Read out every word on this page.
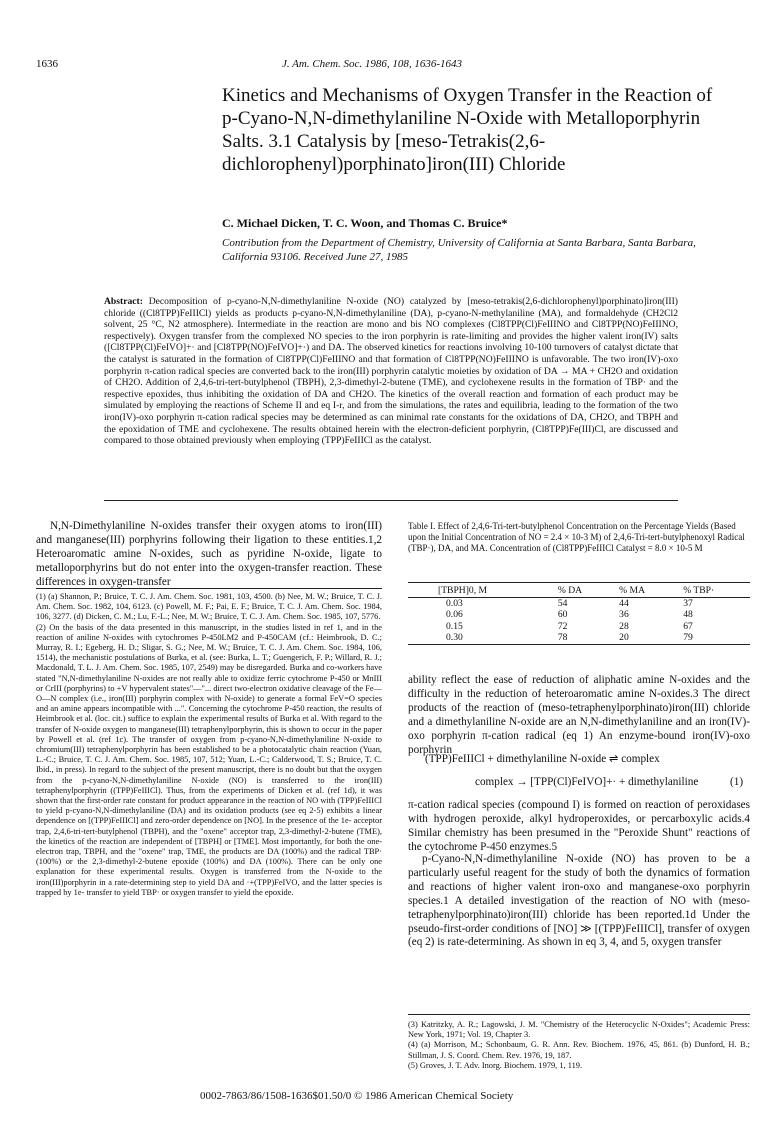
1636	J. Am. Chem. Soc. 1986, 108, 1636-1643
Kinetics and Mechanisms of Oxygen Transfer in the Reaction of p-Cyano-N,N-dimethylaniline N-Oxide with Metalloporphyrin Salts. 3.1 Catalysis by [meso-Tetrakis(2,6-dichlorophenyl)porphinato]iron(III) Chloride
C. Michael Dicken, T. C. Woon, and Thomas C. Bruice*
Contribution from the Department of Chemistry, University of California at Santa Barbara, Santa Barbara, California 93106. Received June 27, 1985
Abstract: Decomposition of p-cyano-N,N-dimethylaniline N-oxide (NO) catalyzed by [meso-tetrakis(2,6-dichlorophenyl)porphinato]iron(III) chloride ((Cl8TPP)FeIIICl) yields as products p-cyano-N,N-dimethylaniline (DA), p-cyano-N-methylaniline (MA), and formaldehyde (CH2Cl2 solvent, 25 °C, N2 atmosphere). Intermediate in the reaction are mono and bis NO complexes (Cl8TPP(Cl)FeIIINO and Cl8TPP(NO)FeIIINO, respectively). Oxygen transfer from the complexed NO species to the iron porphyrin is rate-limiting and provides the higher valent iron(IV) salts ([Cl8TPP(Cl)FeIVO]+· and [Cl8TPP(NO)FeIVO]+·) and DA. The observed kinetics for reactions involving 10-100 turnovers of catalyst dictate that the catalyst is saturated in the formation of Cl8TPP(Cl)FeIIINO and that formation of Cl8TPP(NO)FeIIINO is unfavorable. The two iron(IV)-oxo porphyrin π-cation radical species are converted back to the iron(III) porphyrin catalytic moieties by oxidation of DA → MA + CH2O and oxidation of CH2O. Addition of 2,4,6-tri-tert-butylphenol (TBPH), 2,3-dimethyl-2-butene (TME), and cyclohexene results in the formation of TBP· and the respective epoxides, thus inhibiting the oxidation of DA and CH2O. The kinetics of the overall reaction and formation of each product may be simulated by employing the reactions of Scheme II and eq I-r, and from the simulations, the rates and equilibria, leading to the formation of the two iron(IV)-oxo porphyrin π-cation radical species may be determined as can minimal rate constants for the oxidations of DA, CH2O, and TBPH and the epoxidation of TME and cyclohexene. The results obtained herein with the electron-deficient porphyrin, (Cl8TPP)Fe(III)Cl, are discussed and compared to those obtained previously when employing (TPP)FeIIICl as the catalyst.
N,N-Dimethylaniline N-oxides transfer their oxygen atoms to iron(III) and manganese(III) porphyrins following their ligation to these entities.1,2 Heteroaromatic amine N-oxides, such as pyridine N-oxide, ligate to metalloporphyrins but do not enter into the oxygen-transfer reaction. These differences in oxygen-transfer

(1) (a) Shannon, P.; Bruice, T. C. J. Am. Chem. Soc. 1981, 103, 4500. (b) Nee, M. W.; Bruice, T. C. J. Am. Chem. Soc. 1982, 104, 6123. (c) Powell, M. F.; Pai, E. F.; Bruice, T. C. J. Am. Chem. Soc. 1984, 106, 3277. (d) Dicken, C. M.; Lu, F.-L.; Nee, M. W.; Bruice, T. C. J. Am. Chem. Soc. 1985, 107, 5776.

(2) On the basis of the data presented in this manuscript, in the studies listed in ref 1, and in the reaction of aniline N-oxides with cytochromes P-450LM2 and P-450CAM (cf.: Heimbrook, D. C.; Murray, R. I.; Egeberg, H. D.; Sligar, S. G.; Nee, M. W.; Bruice, T. C. J. Am. Chem. Soc. 1984, 106, 1514), the mechanistic postulations of Burka, et al. (see: Burka, L. T.; Guengerich, F. P.; Willard, R. J.; Macdonald, T. L. J. Am. Chem. Soc. 1985, 107, 2549) may be disregarded. Burka and co-workers have stated "N,N-dimethylaniline N-oxides are not really able to oxidize ferric cytochrome P-450 or MnIII or CrIII (porphyrins) to +V hypervalent states"—"... direct two-electron oxidative cleavage of the Fe—O—N complex (i.e., iron(III) porphyrin complex with N-oxide) to generate a formal FeV=O species and an amine appears incompatible with ...". Concerning the cytochrome P-450 reaction, the results of Heimbrook et al. (loc. cit.) suffice to explain the experimental results of Burka et al. With regard to the transfer of N-oxide oxygen to manganese(III) tetraphenylporphyrin, this is shown to occur in the paper by Powell et al. (ref 1c). The transfer of oxygen from p-cyano-N,N-dimethylaniline N-oxide to chromium(III) tetraphenylporphyrin has been established to be a photocatalytic chain reaction (Yuan, L.-C.; Bruice, T. C. J. Am. Chem. Soc. 1985, 107, 512; Yuan, L.-C.; Calderwood, T. S.; Bruice, T. C. Ibid., in press). In regard to the subject of the present manuscript, there is no doubt but that the oxygen from the p-cyano-N,N-dimethylaniline N-oxide (NO) is transferred to the iron(III) tetraphenylporphyrin ((TPP)FeIIICl). Thus, from the experiments of Dicken et al. (ref 1d), it was shown that the first-order rate constant for product appearance in the reaction of NO with (TPP)FeIIICl to yield p-cyano-N,N-dimethylaniline (DA) and its oxidation products (see eq 2-5) exhibits a linear dependence on [(TPP)FeIIICl] and zero-order dependence on [NO]. In the presence of the 1e- acceptor trap, 2,4,6-tri-tert-butylphenol (TBPH), and the "oxene" acceptor trap, 2,3-dimethyl-2-butene (TME), the kinetics of the reaction are independent of [TBPH] or [TME]. Most importantly, for both the one-electron trap, TBPH, and the "oxene" trap, TME, the products are DA (100%) and the radical TBP· (100%) or the 2,3-dimethyl-2-butene epoxide (100%) and DA (100%). There can be only one explanation for these experimental results. Oxygen is transferred from the N-oxide to the iron(III)porphyrin in a rate-determining step to yield DA and ·+(TPP)FeIVO, and the latter species is trapped by 1e- transfer to yield TBP· or oxygen transfer to yield the epoxide.

Table I. Effect of 2,4,6-Tri-tert-butylphenol Concentration on the Percentage Yields (Based upon the Initial Concentration of NO = 2.4 × 10-3 M) of 2,4,6-Tri-tert-butylphenoxyl Radical (TBP·), DA, and MA. Concentration of (Cl8TPP)FeIIICl Catalyst = 8.0 × 10-5 M
[TBPH]0, M	% DA	% MA	% TBP·
0.03	54	44	37
0.06	60	36	48
0.15	72	28	67
0.30	78	20	79
ability reflect the ease of reduction of aliphatic amine N-oxides and the difficulty in the reduction of heteroaromatic amine N-oxides.3 The direct products of the reaction of (meso-tetraphenylporphinato)iron(III) chloride and a dimethylaniline N-oxide are an N,N-dimethylaniline and an iron(IV)-oxo porphyrin π-cation radical (eq 1) An enzyme-bound iron(IV)-oxo porphyrin
(TPP)FeIIICl + dimethylaniline N-oxide ⇌ complex
complex → [TPP(Cl)FeIVO]+· + dimethylaniline	(1)
π-cation radical species (compound I) is formed on reaction of peroxidases with hydrogen peroxide, alkyl hydroperoxides, or percarboxylic acids.4 Similar chemistry has been presumed in the "Peroxide Shunt" reactions of the cytochrome P-450 enzymes.5
p-Cyano-N,N-dimethylaniline N-oxide (NO) has proven to be a particularly useful reagent for the study of both the dynamics of formation and reactions of higher valent iron-oxo and manganese-oxo porphyrin species.1 A detailed investigation of the reaction of NO with (meso-tetraphenylporphinato)iron(III) chloride has been reported.1d Under the pseudo-first-order conditions of [NO] ≫ [(TPP)FeIIICl], transfer of oxygen (eq 2) is rate-determining. As shown in eq 3, 4, and 5, oxygen transfer

(3) Katritzky, A. R.; Lagowski, J. M. "Chemistry of the Heterocyclic N-Oxides"; Academic Press: New York, 1971; Vol. 19, Chapter 3.

(4) (a) Morrison, M.; Schonbaum, G. R. Ann. Rev. Biochem. 1976, 45, 861. (b) Dunford, H. B.; Stillman, J. S. Coord. Chem. Rev. 1976, 19, 187.

(5) Groves, J. T. Adv. Inorg. Biochem. 1979, 1, 119.

0002-7863/86/1508-1636$01.50/0 © 1986 American Chemical Society
